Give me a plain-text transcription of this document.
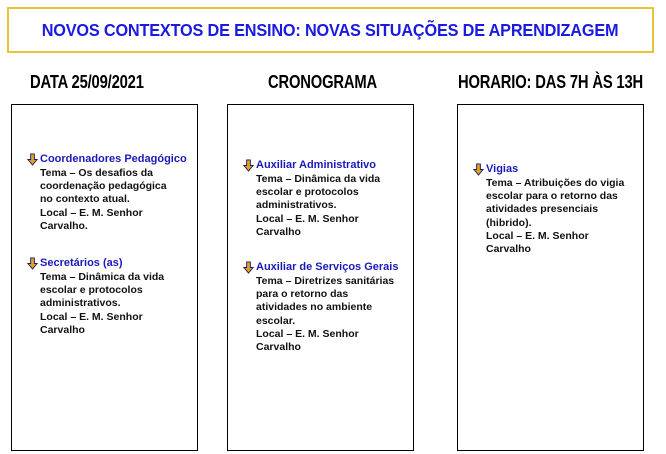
NOVOS CONTEXTOS DE ENSINO: NOVAS SITUAÇÕES DE APRENDIZAGEM
DATA 25/09/2021	CRONOGRAMA	HORARIO: DAS 7H ÀS 13H
Coordenadores Pedagógico
Tema – Os desafios da
coordenação pedagógica
no contexto atual.
Local – E. M. Senhor
Carvalho.
Secretários (as)
Tema – Dinâmica da vida
escolar e protocolos
administrativos.
Local – E. M. Senhor
Carvalho
Auxiliar Administrativo
Tema – Dinâmica da vida
escolar e protocolos
administrativos.
Local – E. M. Senhor
Carvalho
Auxiliar de Serviços Gerais
Tema – Diretrizes sanitárias
para o retorno das
atividades no ambiente
escolar.
Local – E. M. Senhor
Carvalho
Vigias
Tema – Atribuições do vigia
escolar para o retorno das
atividades presenciais
(hibrido).
Local – E. M. Senhor
Carvalho
